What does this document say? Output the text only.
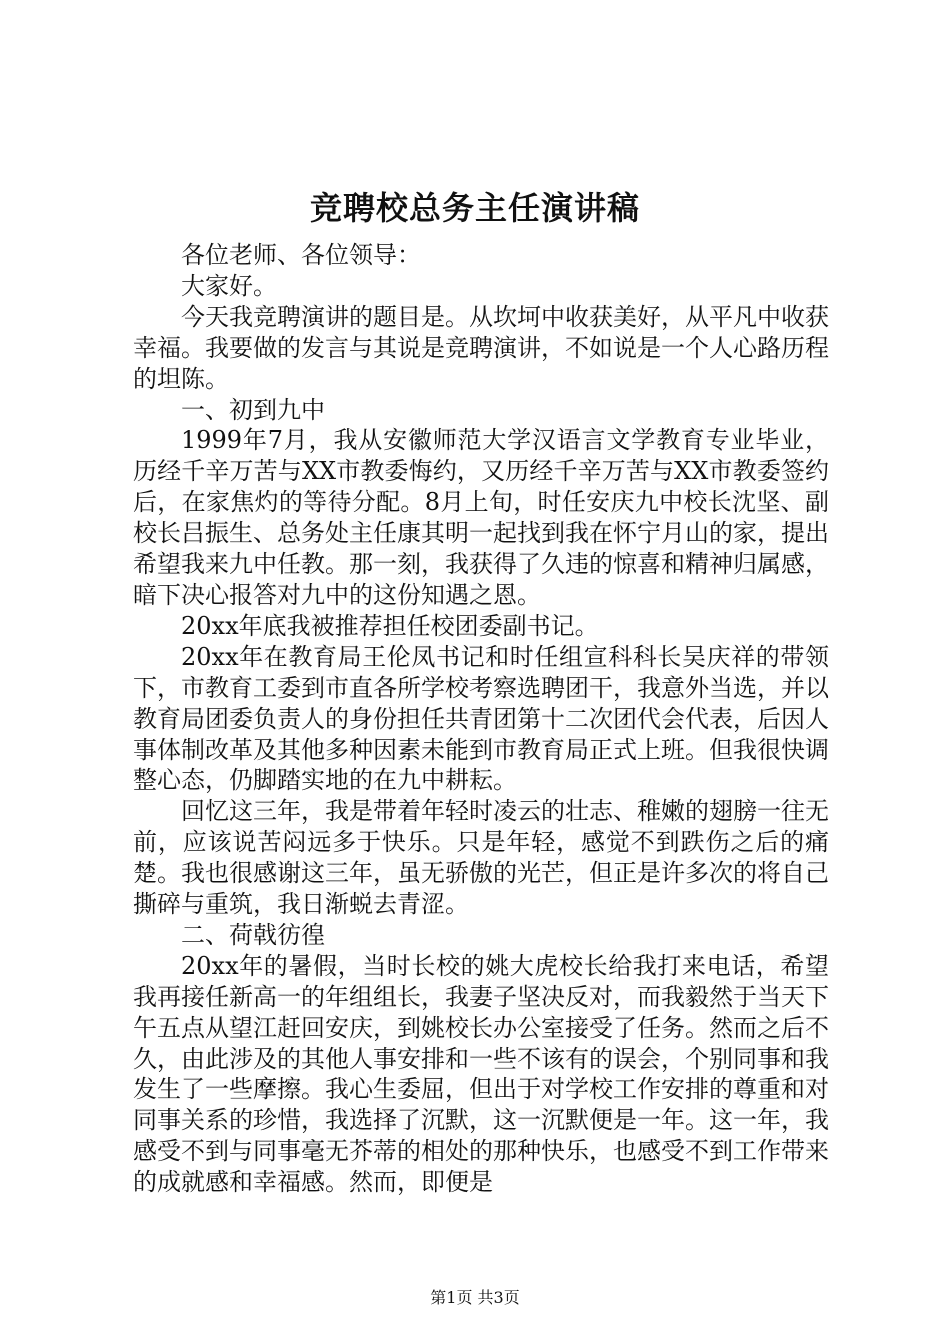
竞聘校总务主任演讲稿

各位老师、各位领导：

大家好。

今天我竞聘演讲的题目是。从坎坷中收获美好，从平凡中收获幸福。我要做的发言与其说是竞聘演讲，不如说是一个人心路历程的坦陈。

一、初到九中

1999年7月，我从安徽师范大学汉语言文学教育专业毕业，历经千辛万苦与XX市教委悔约，又历经千辛万苦与XX市教委签约后，在家焦灼的等待分配。8月上旬，时任安庆九中校长沈坚、副校长吕振生、总务处主任康其明一起找到我在怀宁月山的家，提出希望我来九中任教。那一刻，我获得了久违的惊喜和精神归属感，暗下决心报答对九中的这份知遇之恩。

20xx年底我被推荐担任校团委副书记。

20xx年在教育局王伦凤书记和时任组宣科科长吴庆祥的带领下，市教育工委到市直各所学校考察选聘团干，我意外当选，并以教育局团委负责人的身份担任共青团第十二次团代会代表，后因人事体制改革及其他多种因素未能到市教育局正式上班。但我很快调整心态，仍脚踏实地的在九中耕耘。

回忆这三年，我是带着年轻时凌云的壮志、稚嫩的翅膀一往无前，应该说苦闷远多于快乐。只是年轻，感觉不到跌伤之后的痛楚。我也很感谢这三年，虽无骄傲的光芒，但正是许多次的将自己撕碎与重筑，我日渐蜕去青涩。

二、荷戟彷徨

20xx年的暑假，当时长校的姚大虎校长给我打来电话，希望我再接任新高一的年组组长，我妻子坚决反对，而我毅然于当天下午五点从望江赶回安庆，到姚校长办公室接受了任务。然而之后不久，由此涉及的其他人事安排和一些不该有的误会，个别同事和我发生了一些摩擦。我心生委屈，但出于对学校工作安排的尊重和对同事关系的珍惜，我选择了沉默，这一沉默便是一年。这一年，我感受不到与同事毫无芥蒂的相处的那种快乐，也感受不到工作带来的成就感和幸福感。然而，即便是

第1页 共3页
